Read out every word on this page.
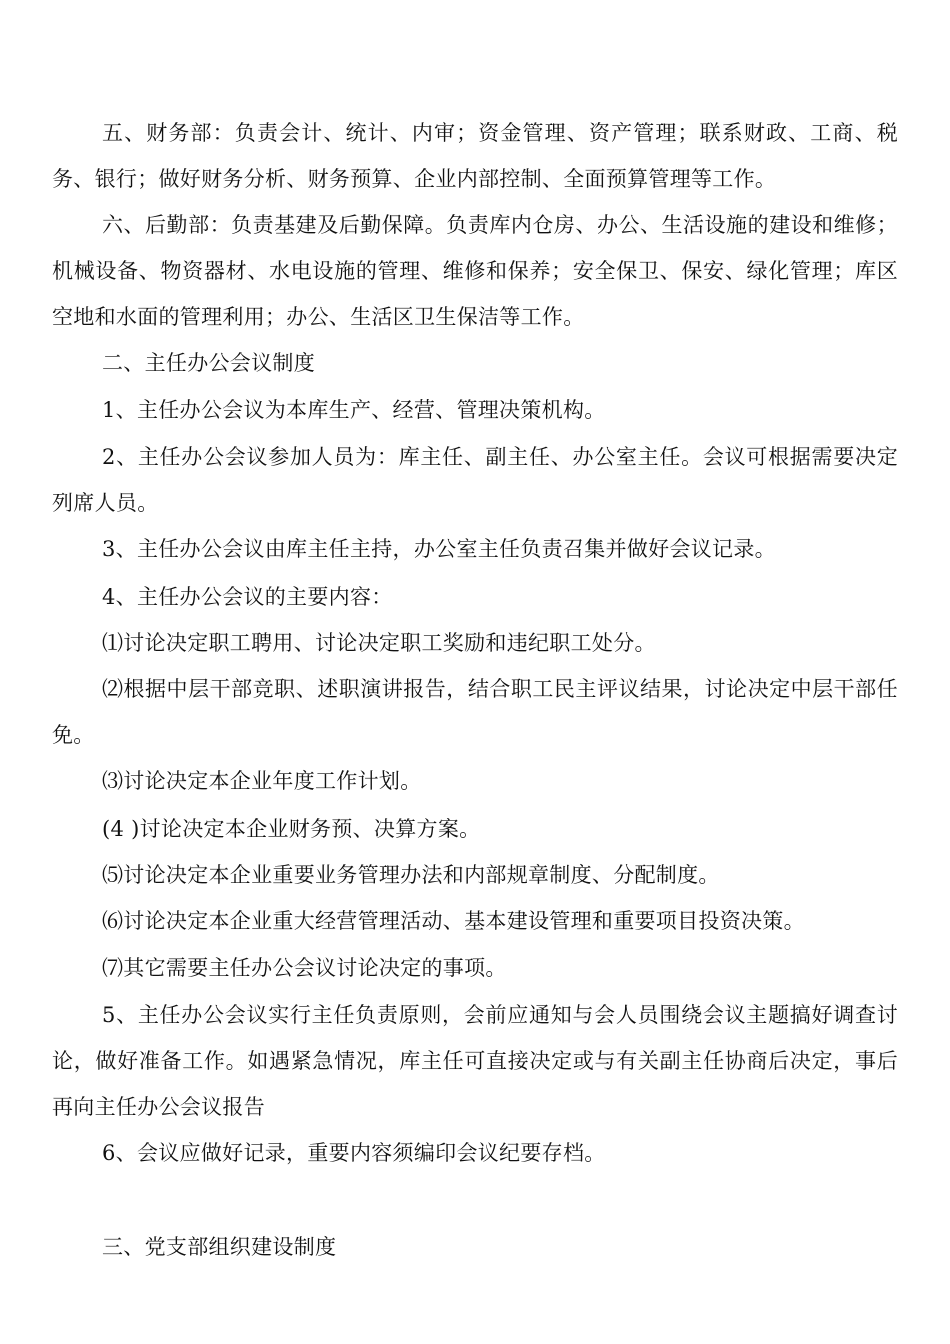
五、财务部：负责会计、统计、内审；资金管理、资产管理；联系财政、工商、税务、银行；做好财务分析、财务预算、企业内部控制、全面预算管理等工作。

六、后勤部：负责基建及后勤保障。负责库内仓房、办公、生活设施的建设和维修；机械设备、物资器材、水电设施的管理、维修和保养；安全保卫、保安、绿化管理；库区空地和水面的管理利用；办公、生活区卫生保洁等工作。

二、主任办公会议制度

1、主任办公会议为本库生产、经营、管理决策机构。

2、主任办公会议参加人员为：库主任、副主任、办公室主任。会议可根据需要决定列席人员。

3、主任办公会议由库主任主持，办公室主任负责召集并做好会议记录。

4、主任办公会议的主要内容：

⑴讨论决定职工聘用、讨论决定职工奖励和违纪职工处分。

⑵根据中层干部竞职、述职演讲报告，结合职工民主评议结果，讨论决定中层干部任免。

⑶讨论决定本企业年度工作计划。

(4 )讨论决定本企业财务预、决算方案。

⑸讨论决定本企业重要业务管理办法和内部规章制度、分配制度。

⑹讨论决定本企业重大经营管理活动、基本建设管理和重要项目投资决策。

⑺其它需要主任办公会议讨论决定的事项。

5、主任办公会议实行主任负责原则，会前应通知与会人员围绕会议主题搞好调查讨论，做好准备工作。如遇紧急情况，库主任可直接决定或与有关副主任协商后决定，事后再向主任办公会议报告

6、会议应做好记录，重要内容须编印会议纪要存档。

三、党支部组织建设制度
